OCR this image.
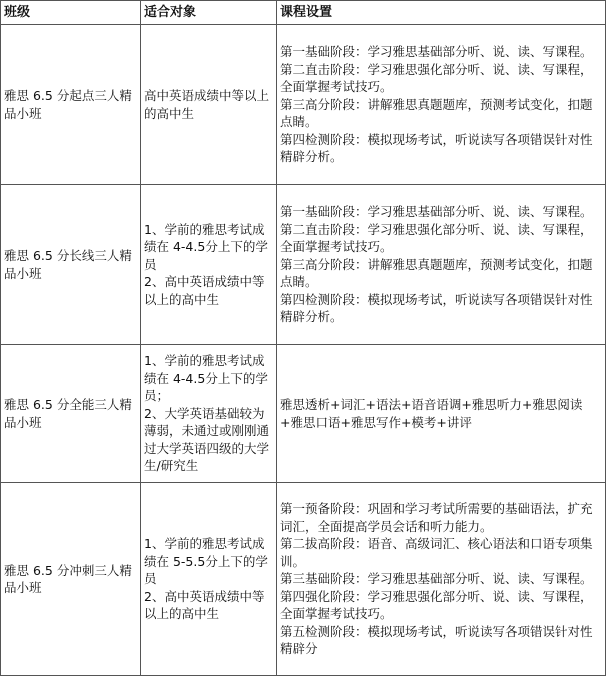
班级	适合对象	课程设置
雅思 6.5 分起点三人精品小班	高中英语成绩中等以上的高中生	第一基础阶段：学习雅思基础部分听、说、读、写课程。
第二直击阶段：学习雅思强化部分听、说、读、写课程，全面掌握考试技巧。
第三高分阶段：讲解雅思真题题库，预测考试变化，扣题点睛。
第四检测阶段：模拟现场考试，听说读写各项错误针对性精辟分析。

雅思 6.5 分长线三人精品小班	1、学前的雅思考试成绩在 4-4.5分上下的学员
2、高中英语成绩中等以上的高中生	第一基础阶段：学习雅思基础部分听、说、读、写课程。
第二直击阶段：学习雅思强化部分听、说、读、写课程，全面掌握考试技巧。
第三高分阶段：讲解雅思真题题库，预测考试变化，扣题点睛。
第四检测阶段：模拟现场考试，听说读写各项错误针对性精辟分析。

雅思 6.5 分全能三人精品小班	1、学前的雅思考试成绩在 4-4.5分上下的学员；
2、大学英语基础较为薄弱，未通过或刚刚通过大学英语四级的大学生/研究生	雅思透析+词汇+语法+语音语调+雅思听力+雅思阅读+雅思口语+雅思写作+模考+讲评

雅思 6.5 分冲刺三人精品小班	1、学前的雅思考试成绩在 5-5.5分上下的学员
2、高中英语成绩中等以上的高中生	第一预备阶段：巩固和学习考试所需要的基础语法，扩充词汇，全面提高学员会话和听力能力。
第二拔高阶段：语音、高级词汇、核心语法和口语专项集训。
第三基础阶段：学习雅思基础部分听、说、读、写课程。
第四强化阶段：学习雅思强化部分听、说、读、写课程，全面掌握考试技巧。
第五检测阶段：模拟现场考试，听说读写各项错误针对性精辟分
